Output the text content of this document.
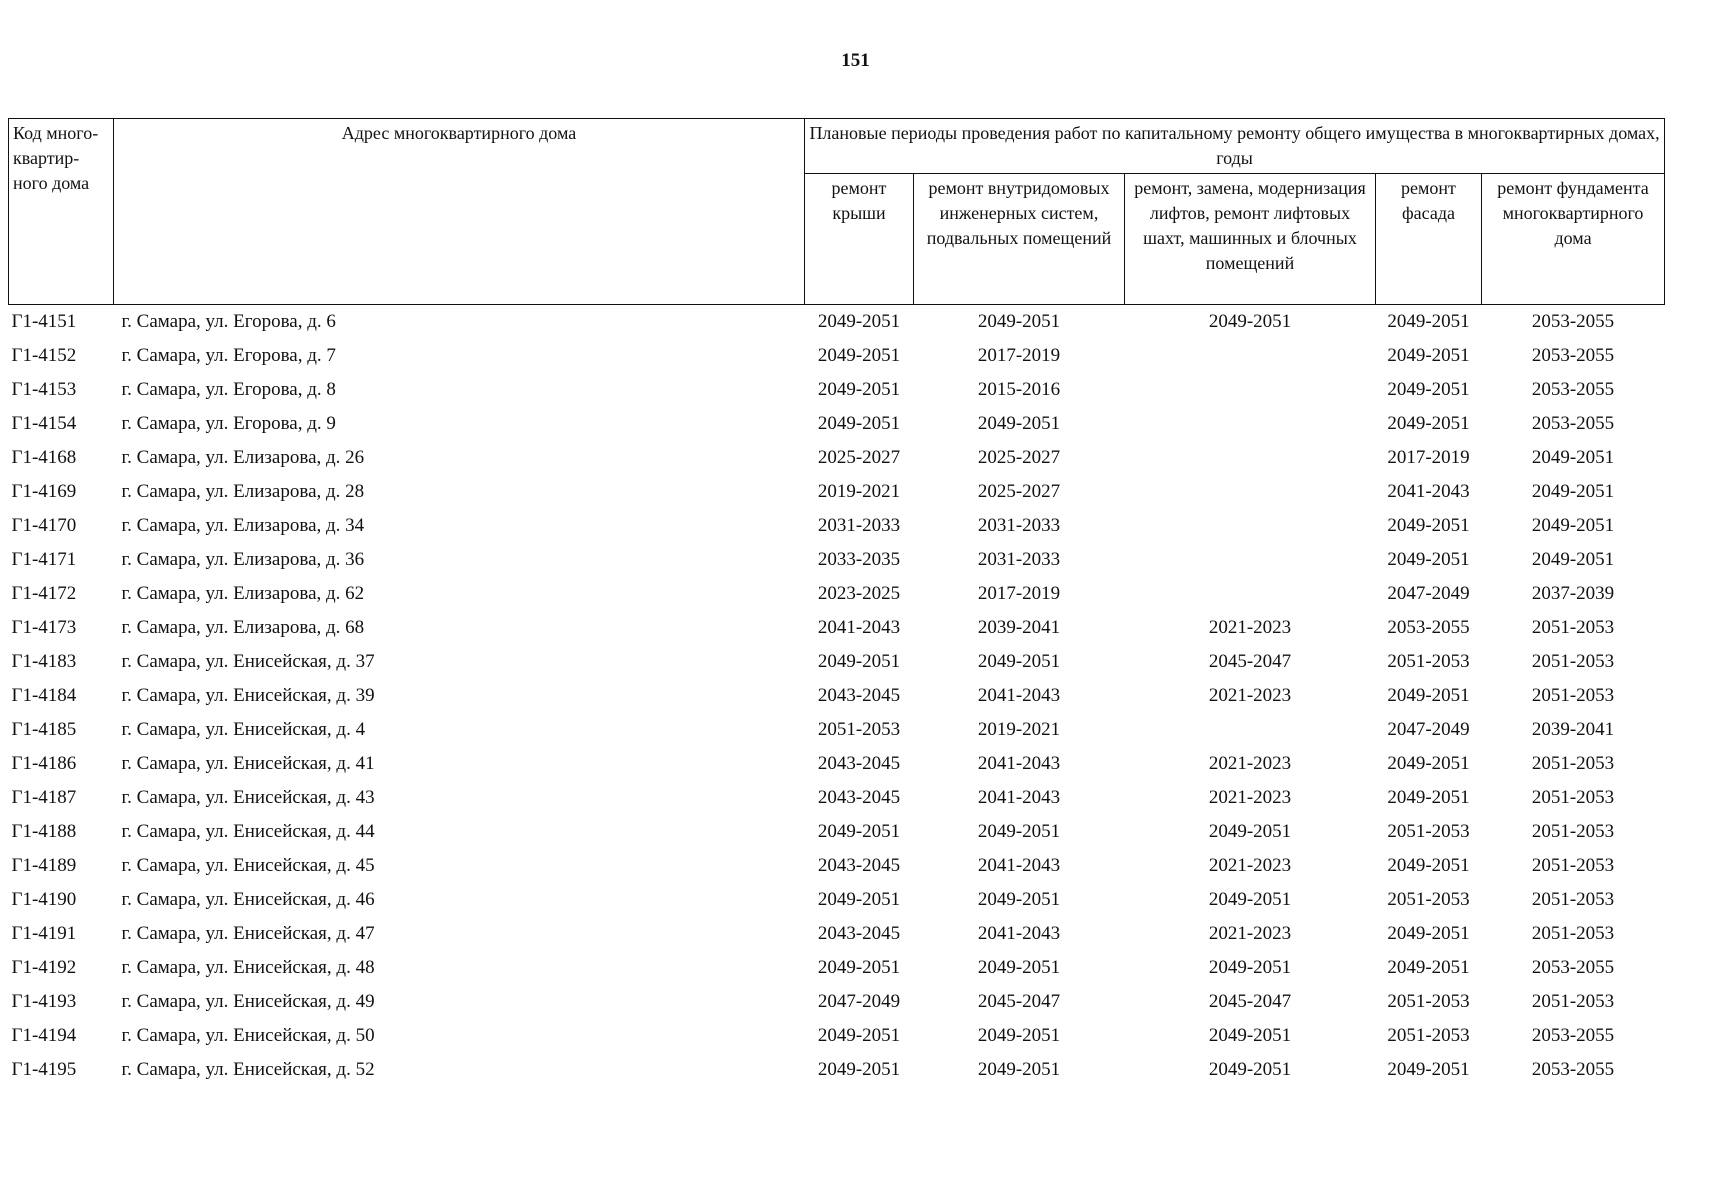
151
Код много-квартир-ного дома	Адрес многоквартирного дома	Плановые периоды проведения работ по капитальному ремонту общего имущества в многоквартирных домах, годы				
		ремонт крыши	ремонт внутридомовых инженерных систем, подвальных помещений	ремонт, замена, модернизация лифтов, ремонт лифтовых шахт, машинных и блочных помещений	ремонт фасада	ремонт фундамента многоквартирного дома
Г1-4151	г. Самара, ул. Егорова, д. 6	2049-2051	2049-2051	2049-2051	2049-2051	2053-2055
Г1-4152	г. Самара, ул. Егорова, д. 7	2049-2051	2017-2019		2049-2051	2053-2055
Г1-4153	г. Самара, ул. Егорова, д. 8	2049-2051	2015-2016		2049-2051	2053-2055
Г1-4154	г. Самара, ул. Егорова, д. 9	2049-2051	2049-2051		2049-2051	2053-2055
Г1-4168	г. Самара, ул. Елизарова, д. 26	2025-2027	2025-2027		2017-2019	2049-2051
Г1-4169	г. Самара, ул. Елизарова, д. 28	2019-2021	2025-2027		2041-2043	2049-2051
Г1-4170	г. Самара, ул. Елизарова, д. 34	2031-2033	2031-2033		2049-2051	2049-2051
Г1-4171	г. Самара, ул. Елизарова, д. 36	2033-2035	2031-2033		2049-2051	2049-2051
Г1-4172	г. Самара, ул. Елизарова, д. 62	2023-2025	2017-2019		2047-2049	2037-2039
Г1-4173	г. Самара, ул. Елизарова, д. 68	2041-2043	2039-2041	2021-2023	2053-2055	2051-2053
Г1-4183	г. Самара, ул. Енисейская, д. 37	2049-2051	2049-2051	2045-2047	2051-2053	2051-2053
Г1-4184	г. Самара, ул. Енисейская, д. 39	2043-2045	2041-2043	2021-2023	2049-2051	2051-2053
Г1-4185	г. Самара, ул. Енисейская, д. 4	2051-2053	2019-2021		2047-2049	2039-2041
Г1-4186	г. Самара, ул. Енисейская, д. 41	2043-2045	2041-2043	2021-2023	2049-2051	2051-2053
Г1-4187	г. Самара, ул. Енисейская, д. 43	2043-2045	2041-2043	2021-2023	2049-2051	2051-2053
Г1-4188	г. Самара, ул. Енисейская, д. 44	2049-2051	2049-2051	2049-2051	2051-2053	2051-2053
Г1-4189	г. Самара, ул. Енисейская, д. 45	2043-2045	2041-2043	2021-2023	2049-2051	2051-2053
Г1-4190	г. Самара, ул. Енисейская, д. 46	2049-2051	2049-2051	2049-2051	2051-2053	2051-2053
Г1-4191	г. Самара, ул. Енисейская, д. 47	2043-2045	2041-2043	2021-2023	2049-2051	2051-2053
Г1-4192	г. Самара, ул. Енисейская, д. 48	2049-2051	2049-2051	2049-2051	2049-2051	2053-2055
Г1-4193	г. Самара, ул. Енисейская, д. 49	2047-2049	2045-2047	2045-2047	2051-2053	2051-2053
Г1-4194	г. Самара, ул. Енисейская, д. 50	2049-2051	2049-2051	2049-2051	2051-2053	2053-2055
Г1-4195	г. Самара, ул. Енисейская, д. 52	2049-2051	2049-2051	2049-2051	2049-2051	2053-2055
